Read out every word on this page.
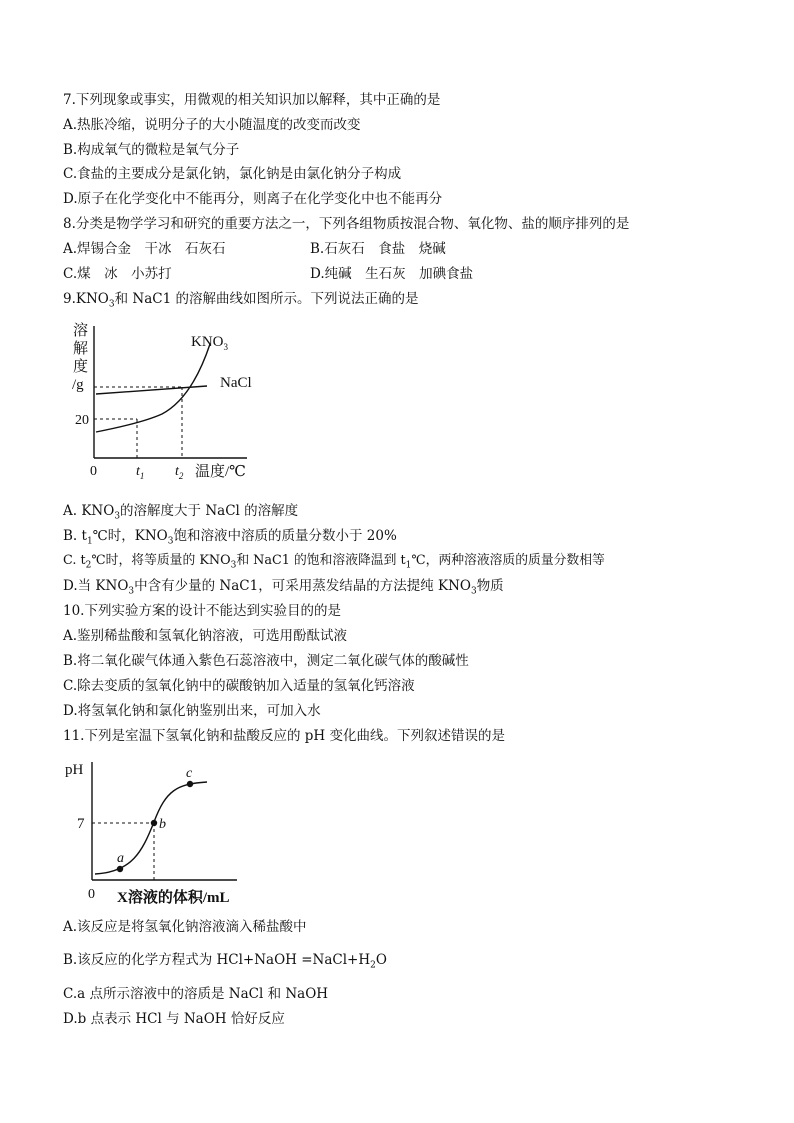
7.下列现象或事实，用微观的相关知识加以解释，其中正确的是
A.热胀冷缩，说明分子的大小随温度的改变而改变
B.构成氧气的微粒是氧气分子
C.食盐的主要成分是氯化钠，氯化钠是由氯化钠分子构成
D.原子在化学变化中不能再分，则离子在化学变化中也不能再分
8.分类是物学学习和研究的重要方法之一，下列各组物质按混合物、氧化物、盐的顺序排列的是
A.焊锡合金　干冰　石灰石	B.石灰石　食盐　烧碱
C.煤　冰　小苏打	D.纯碱　生石灰　加碘食盐
$9.KNO_3$和 NaC1 的溶解曲线如图所示。下列说法正确的是
溶
解
度
/g
20
0	$t_1$ $t_2$ 温度/℃
$KNO_3$
NaCl
A. $KNO_3$的溶解度大于 NaCl 的溶解度
B. $t_1℃$时，$KNO_3$饱和溶液中溶质的质量分数小于 20%
C. $t_2℃$时，将等质量的 $KNO_3$和 NaC1 的饱和溶液降温到 $t_1℃$，两种溶液溶质的质量分数相等
D.当 $KNO_3$中含有少量的 NaC1，可采用蒸发结晶的方法提纯 $KNO_3$物质
10.下列实验方案的设计不能达到实验目的的是
A.鉴别稀盐酸和氢氧化钠溶液，可选用酚酞试液
B.将二氧化碳气体通入紫色石蕊溶液中，测定二氧化碳气体的酸碱性
C.除去变质的氢氧化钠中的碳酸钠加入适量的氢氧化钙溶液
D.将氢氧化钠和氯化钠鉴别出来，可加入水
11.下列是室温下氢氧化钠和盐酸反应的 pH 变化曲线。下列叙述错误的是
pH
7
0 X溶液的体积/mL
a
b
c
A.该反应是将氢氧化钠溶液滴入稀盐酸中
B.该反应的化学方程式为 HCl+NaOH $=NaCl+H_2O$
C.a 点所示溶液中的溶质是 NaCl 和 NaOH
D.b 点表示 HCl 与 NaOH 恰好反应
